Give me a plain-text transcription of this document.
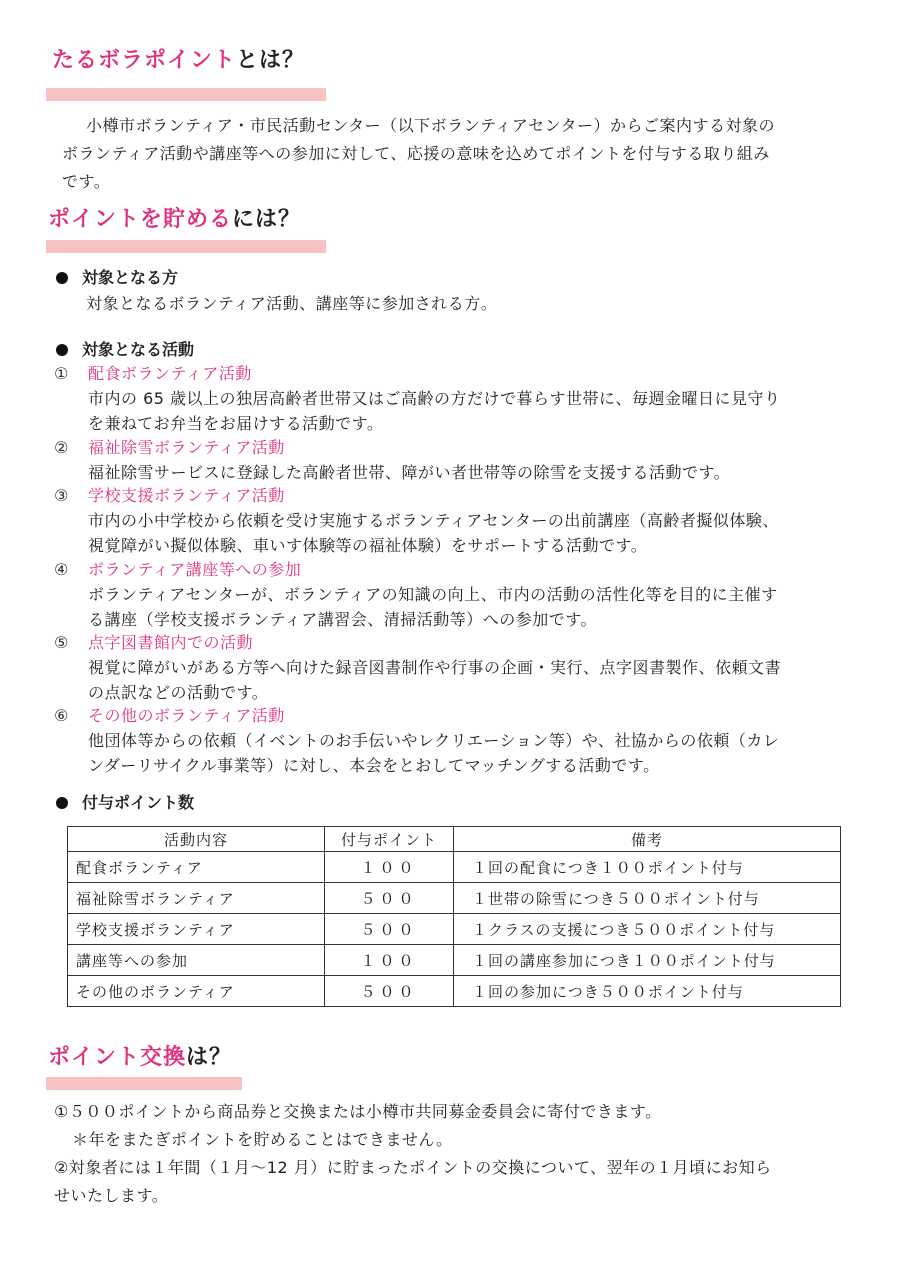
たるボラポイントとは？
小樽市ボランティア・市民活動センター（以下ボランティアセンター）からご案内する対象の
ボランティア活動や講座等への参加に対して、応援の意味を込めてポイントを付与する取り組み
です。
ポイントを貯めるには？
対象となる方
対象となるボランティア活動、講座等に参加される方。
対象となる活動
① 配食ボランティア活動
市内の 65 歳以上の独居高齢者世帯又はご高齢の方だけで暮らす世帯に、毎週金曜日に見守り
を兼ねてお弁当をお届けする活動です。
② 福祉除雪ボランティア活動
福祉除雪サービスに登録した高齢者世帯、障がい者世帯等の除雪を支援する活動です。
③ 学校支援ボランティア活動
市内の小中学校から依頼を受け実施するボランティアセンターの出前講座（高齢者擬似体験、
視覚障がい擬似体験、車いす体験等の福祉体験）をサポートする活動です。
④ ボランティア講座等への参加
ボランティアセンターが、ボランティアの知識の向上、市内の活動の活性化等を目的に主催す
る講座（学校支援ボランティア講習会、清掃活動等）への参加です。
⑤ 点字図書館内での活動
視覚に障がいがある方等へ向けた録音図書制作や行事の企画・実行、点字図書製作、依頼文書
の点訳などの活動です。
⑥ その他のボランティア活動
他団体等からの依頼（イベントのお手伝いやレクリエーション等）や、社協からの依頼（カレ
ンダーリサイクル事業等）に対し、本会をとおしてマッチングする活動です。
付与ポイント数
活動内容	付与ポイント	備考
配食ボランティア	１００	１回の配食につき１００ポイント付与
福祉除雪ボランティア	５００	１世帯の除雪につき５００ポイント付与
学校支援ボランティア	５００	１クラスの支援につき５００ポイント付与
講座等への参加	１００	１回の講座参加につき１００ポイント付与
その他のボランティア	５００	１回の参加につき５００ポイント付与
ポイント交換は？
①５００ポイントから商品券と交換または小樽市共同募金委員会に寄付できます。
＊年をまたぎポイントを貯めることはできません。
②対象者には１年間（１月～12 月）に貯まったポイントの交換について、翌年の１月頃にお知ら
せいたします。
